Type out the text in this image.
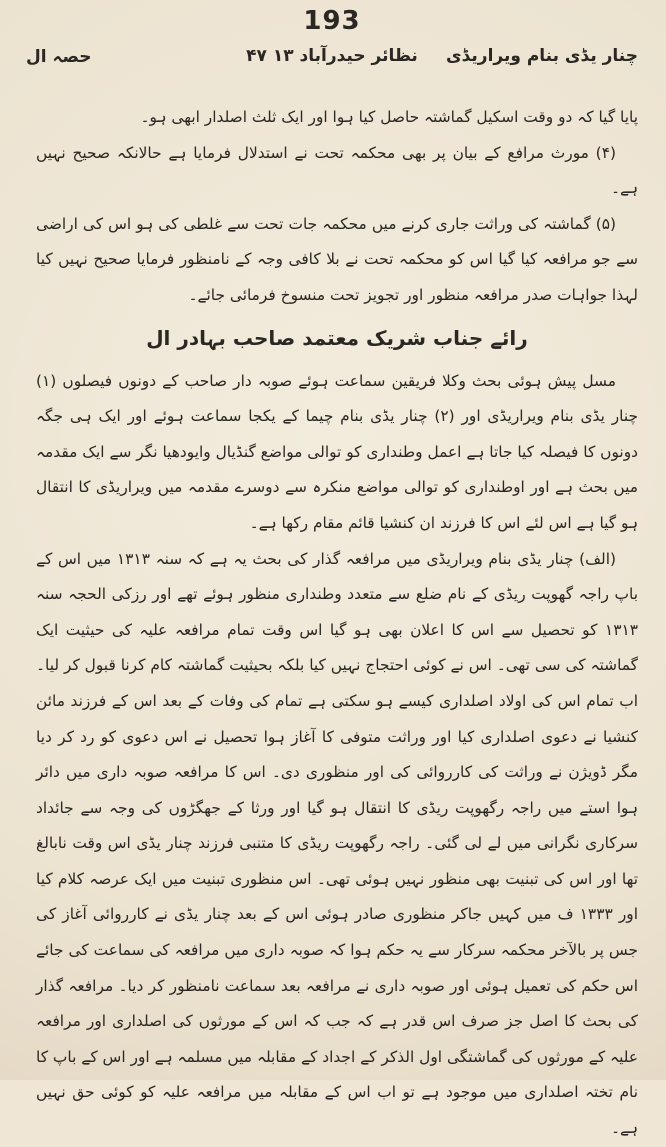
193
چنار یڈی بنام ویراریڈی
۴۷ ۱۳ نظائر حیدرآباد
حصہ ال

پایا گیا کہ دو وقت اسکیل گماشتہ حاصل کیا ہوا اور ایک ثلث اصلدار ابھی ہو۔

(۴) مورث مرافع کے بیان پر بھی محکمہ تحت نے استدلال فرمایا ہے حالانکہ صحیح نہیں ہے۔

(۵) گماشتہ کی وراثت جاری کرنے میں محکمہ جات تحت سے غلطی کی ہو اس کی اراضی سے جو مرافعہ کیا گیا اس کو محکمہ تحت نے بلا کافی وجہ کے نامنظور فرمایا صحیح نہیں کیا لہذا جواہات صدر مرافعہ منظور اور تجویز تحت منسوخ فرمائی جائے۔

رائے جناب شریک معتمد صاحب بہادر ال

مسل پیش ہوئی بحث وکلا فریقین سماعت ہوئے صوبہ دار صاحب کے دونوں فیصلوں (۱) چنار یڈی بنام ویراریڈی اور (۲) چنار یڈی بنام چیما کے یکجا سماعت ہوئے اور ایک ہی جگہ دونوں کا فیصلہ کیا جاتا ہے اعمل وطنداری کو توالی مواضع گنڈیال وایودھیا نگر سے ایک مقدمہ میں بحث ہے اور اوطنداری کو توالی مواضع منکرہ سے دوسرے مقدمہ میں ویراریڈی کا انتقال ہو گیا ہے اس لئے اس کا فرزند ان کنشیا قائم مقام رکھا ہے۔

(الف) چنار یڈی بنام ویراریڈی میں مرافعہ گذار کی بحث یہ ہے کہ سنہ ۱۳۱۳ میں اس کے باپ راجہ گھوپت ریڈی کے نام ضلع سے متعدد وطنداری منظور ہوئے تھے اور رزکی الحجہ سنہ ۱۳۱۳ کو تحصیل سے اس کا اعلان بھی ہو گیا اس وقت تمام مرافعہ علیہ کی حیثیت ایک گماشتہ کی سی تھی۔ اس نے کوئی احتجاج نہیں کیا بلکہ بحیثیت گماشتہ کام کرنا قبول کر لیا۔ اب تمام اس کی اولاد اصلداری کیسے ہو سکتی ہے تمام کی وفات کے بعد اس کے فرزند مائن کنشیا نے دعوی اصلداری کیا اور وراثت متوفی کا آغاز ہوا تحصیل نے اس دعوی کو رد کر دیا مگر ڈویژن نے وراثت کی کارروائی کی اور منظوری دی۔ اس کا مرافعہ صوبہ داری میں دائر ہوا استے میں راجہ رگھوپت ریڈی کا انتقال ہو گیا اور ورثا کے جھگڑوں کی وجہ سے جائداد سرکاری نگرانی میں لے لی گئی۔ راجہ رگھوپت ریڈی کا متنبی فرزند چنار یڈی اس وقت نابالغ تھا اور اس کی تبنیت بھی منظور نہیں ہوئی تھی۔ اس منظوری تبنیت میں ایک عرصہ کلام کیا اور ۱۳۳۳ ف میں کہیں جاکر منظوری صادر ہوئی اس کے بعد چنار یڈی نے کارروائی آغاز کی جس پر بالآخر محکمہ سرکار سے یہ حکم ہوا کہ صوبہ داری میں مرافعہ کی سماعت کی جائے اس حکم کی تعمیل ہوئی اور صوبہ داری نے مرافعہ بعد سماعت نامنظور کر دیا۔ مرافعہ گذار کی بحث کا اصل جز صرف اس قدر ہے کہ جب کہ اس کے مورثوں کی اصلداری اور مرافعہ علیہ کے مورثوں کی گماشتگی اول الذکر کے اجداد کے مقابلہ میں مسلمہ ہے اور اس کے باپ کا نام تختہ اصلداری میں موجود ہے تو اب اس کے مقابلہ میں مرافعہ علیہ کو کوئی حق نہیں ہے۔
